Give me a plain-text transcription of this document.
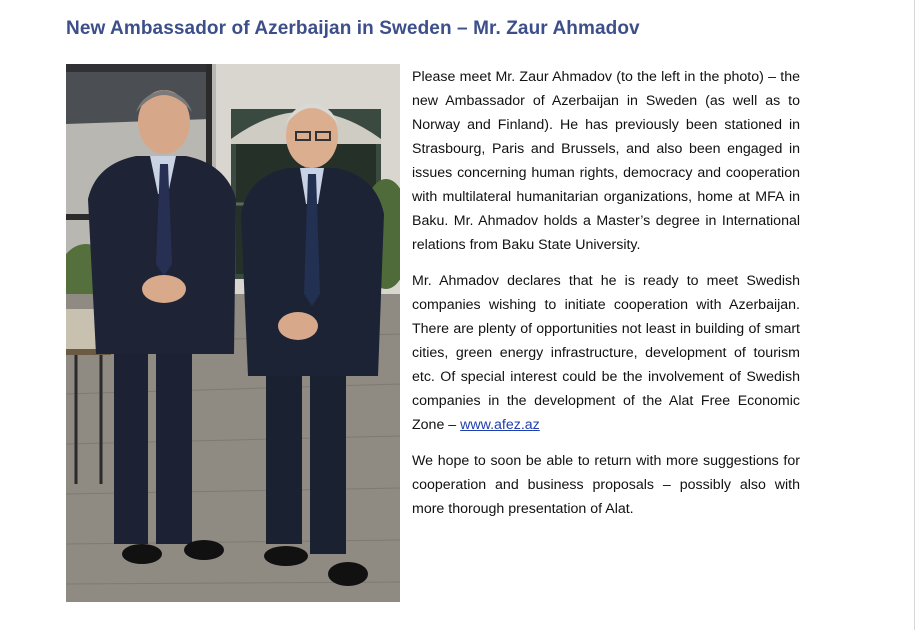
New Ambassador of Azerbaijan in Sweden – Mr. Zaur Ahmadov

Please meet Mr. Zaur Ahmadov (to the left in the photo) – the new Ambassador of Azerbaijan in Sweden (as well as to Norway and Finland). He has previously been stationed in Strasbourg, Paris and Brussels, and also been engaged in issues concerning human rights, democracy and cooperation with multilateral humanitarian organizations, home at MFA in Baku. Mr. Ahmadov holds a Master’s degree in International relations from Baku State University.

Mr. Ahmadov declares that he is ready to meet Swedish companies wishing to initiate cooperation with Azerbaijan. There are plenty of opportunities not least in building of smart cities, green energy infrastructure, development of tourism etc. Of special interest could be the involvement of Swedish companies in the development of the Alat Free Economic Zone – www.afez.az

We hope to soon be able to return with more suggestions for cooperation and business proposals – possibly also with more thorough presentation of Alat.
